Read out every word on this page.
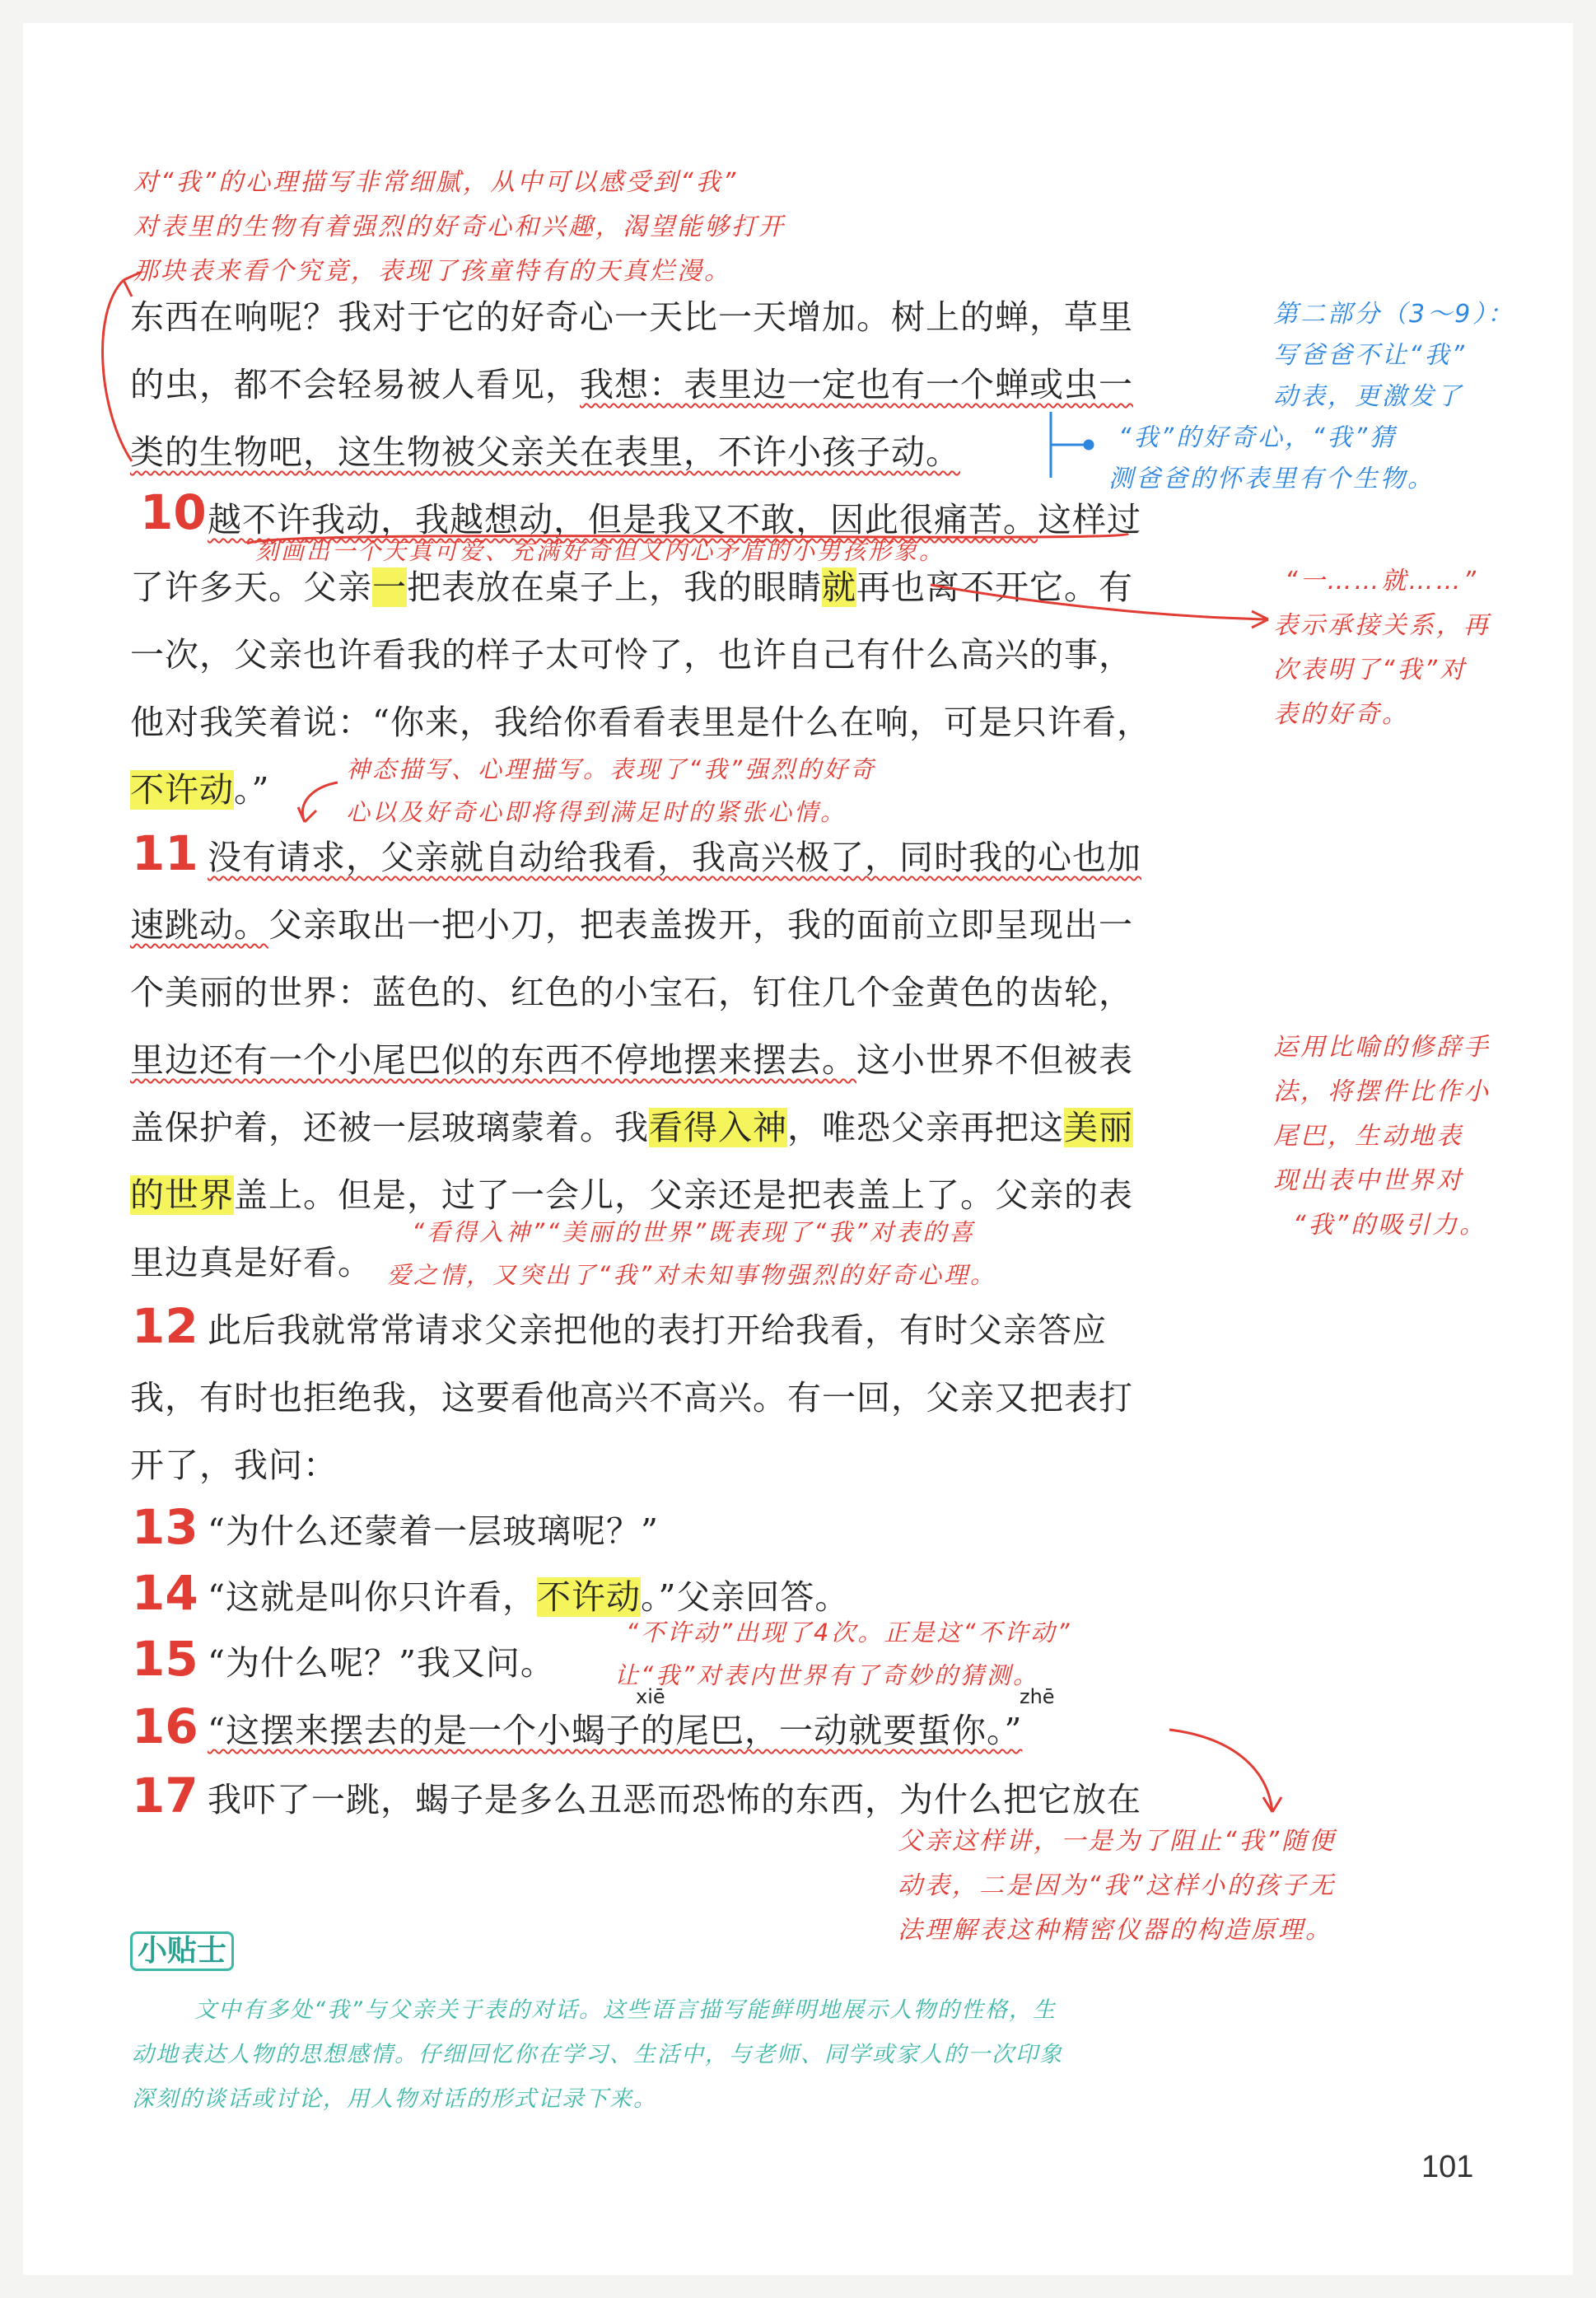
对“我”的心理描写非常细腻，从中可以感受到“我”
对表里的生物有着强烈的好奇心和兴趣，渴望能够打开
那块表来看个究竟，表现了孩童特有的天真烂漫。
东西在响呢？我对于它的好奇心一天比一天增加。树上的蝉，草里
的虫，都不会轻易被人看见，我想：表里边一定也有一个蝉或虫一
类的生物吧，这生物被父亲关在表里，不许小孩子动。
第二部分（3～9）：
写爸爸不让“我”
动表，更激发了
“我”的好奇心，“我”猜
测爸爸的怀表里有个生物。
10 越不许我动，我越想动，但是我又不敢，因此很痛苦。这样过
刻画出一个天真可爱、充满好奇但又内心矛盾的小男孩形象。
了许多天。父亲一把表放在桌子上，我的眼睛就再也离不开它。有
一次，父亲也许看我的样子太可怜了，也许自己有什么高兴的事，
他对我笑着说：“你来，我给你看看表里是什么在响，可是只许看，
不许动。”
“一……就……”
表示承接关系，再
次表明了“我”对
表的好奇。
神态描写、心理描写。表现了“我”强烈的好奇
心以及好奇心即将得到满足时的紧张心情。
11 没有请求，父亲就自动给我看，我高兴极了，同时我的心也加
速跳动。父亲取出一把小刀，把表盖拨开，我的面前立即呈现出一
个美丽的世界：蓝色的、红色的小宝石，钉住几个金黄色的齿轮，
里边还有一个小尾巴似的东西不停地摆来摆去。这小世界不但被表
盖保护着，还被一层玻璃蒙着。我看得入神，唯恐父亲再把这美丽
的世界盖上。但是，过了一会儿，父亲还是把表盖上了。父亲的表
里边真是好看。
运用比喻的修辞手
法，将摆件比作小
尾巴，生动地表
现出表中世界对
“我”的吸引力。
“看得入神”“美丽的世界”既表现了“我”对表的喜
爱之情，又突出了“我”对未知事物强烈的好奇心理。
12 此后我就常常请求父亲把他的表打开给我看，有时父亲答应
我，有时也拒绝我，这要看他高兴不高兴。有一回，父亲又把表打
开了，我问：
13 “为什么还蒙着一层玻璃呢？”
14 “这就是叫你只许看，不许动。”父亲回答。
“不许动”出现了4次。正是这“不许动”
让“我”对表内世界有了奇妙的猜测。
15 “为什么呢？”我又问。
xiē	zhē
16 “这摆来摆去的是一个小蝎子的尾巴，一动就要蜇你。”
17 我吓了一跳，蝎子是多么丑恶而恐怖的东西，为什么把它放在
父亲这样讲，一是为了阻止“我”随便
动表，二是因为“我”这样小的孩子无
法理解表这种精密仪器的构造原理。
小贴士
文中有多处“我”与父亲关于表的对话。这些语言描写能鲜明地展示人物的性格，生
动地表达人物的思想感情。仔细回忆你在学习、生活中，与老师、同学或家人的一次印象
深刻的谈话或讨论，用人物对话的形式记录下来。
101
